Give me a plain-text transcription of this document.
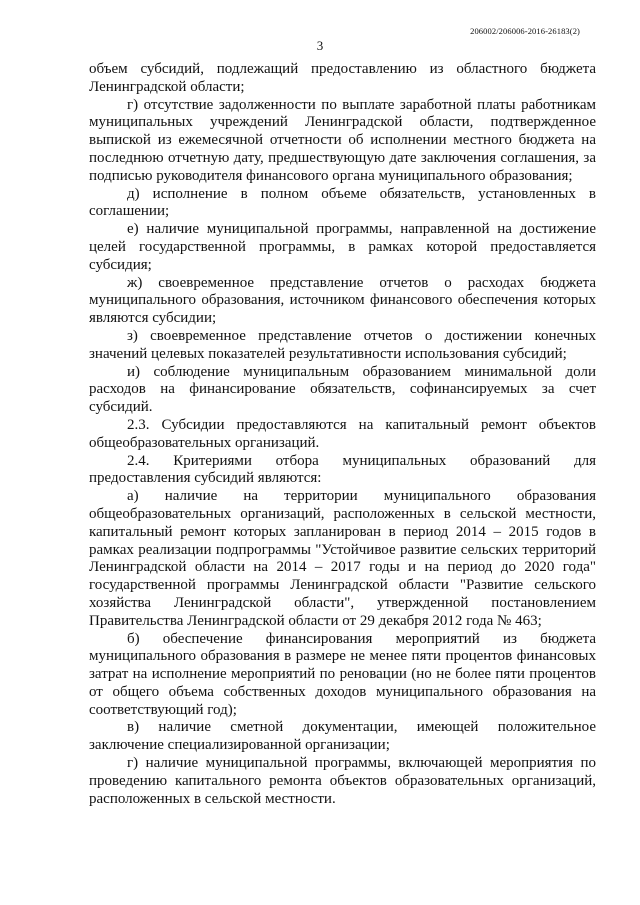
206002/206006-2016-26183(2)
3

объем субсидий, подлежащий предоставлению из областного бюджета Ленинградской области;

г) отсутствие задолженности по выплате заработной платы работникам муниципальных учреждений Ленинградской области, подтвержденное выпиской из ежемесячной отчетности об исполнении местного бюджета на последнюю отчетную дату, предшествующую дате заключения соглашения, за подписью руководителя финансового органа муниципального образования;

д) исполнение в полном объеме обязательств, установленных в соглашении;

е) наличие муниципальной программы, направленной на достижение целей государственной программы, в рамках которой предоставляется субсидия;

ж) своевременное представление отчетов о расходах бюджета муниципального образования, источником финансового обеспечения которых являются субсидии;

з) своевременное представление отчетов о достижении конечных значений целевых показателей результативности использования субсидий;

и) соблюдение муниципальным образованием минимальной доли расходов на финансирование обязательств, софинансируемых за счет субсидий.

2.3. Субсидии предоставляются на капитальный ремонт объектов общеобразовательных организаций.

2.4. Критериями отбора муниципальных образований для предоставления субсидий являются:

а) наличие на территории муниципального образования общеобразовательных организаций, расположенных в сельской местности, капитальный ремонт которых запланирован в период 2014 – 2015 годов в рамках реализации подпрограммы "Устойчивое развитие сельских территорий Ленинградской области на 2014 – 2017 годы и на период до 2020 года" государственной программы Ленинградской области "Развитие сельского хозяйства Ленинградской области", утвержденной постановлением Правительства Ленинградской области от 29 декабря 2012 года № 463;

б) обеспечение финансирования мероприятий из бюджета муниципального образования в размере не менее пяти процентов финансовых затрат на исполнение мероприятий по реновации (но не более пяти процентов от общего объема собственных доходов муниципального образования на соответствующий год);

в) наличие сметной документации, имеющей положительное заключение специализированной организации;

г) наличие муниципальной программы, включающей мероприятия по проведению капитального ремонта объектов образовательных организаций, расположенных в сельской местности.
